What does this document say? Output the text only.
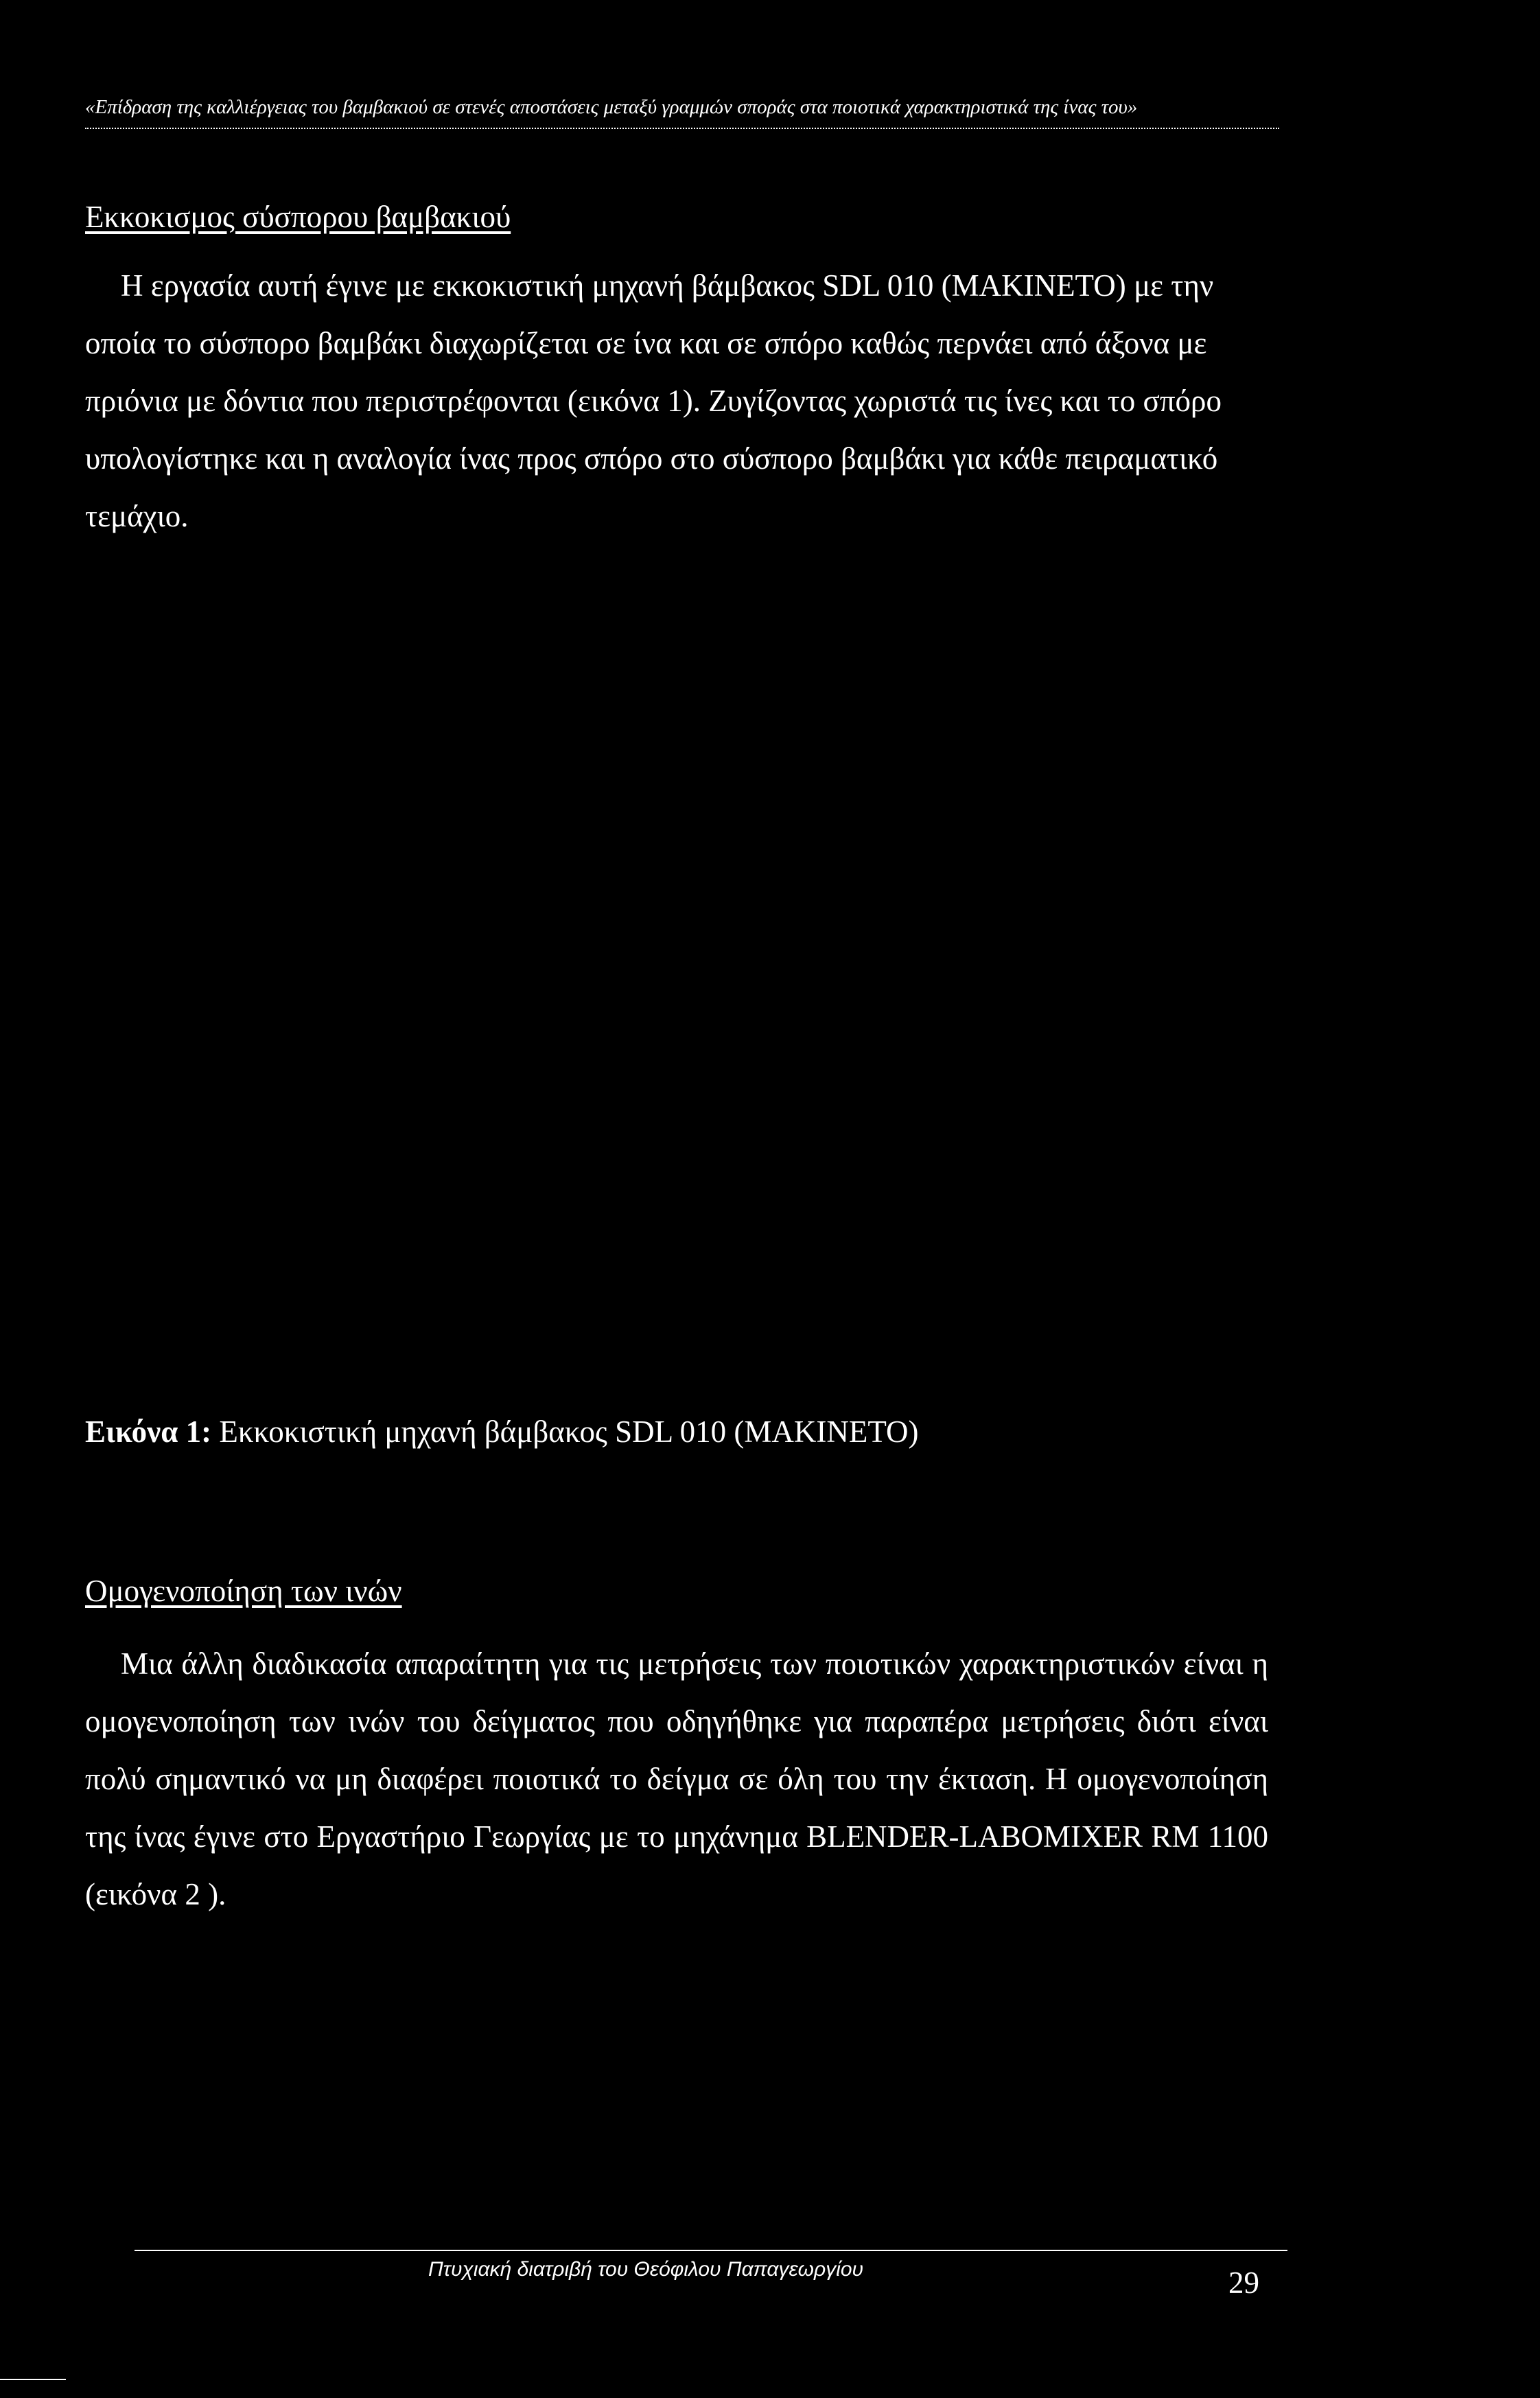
«Επίδραση της καλλιέργειας του βαμβακιού σε στενές αποστάσεις μεταξύ γραμμών σποράς στα ποιοτικά χαρακτηριστικά της ίνας του»
Εκκοκισμος σύσπορου βαμβακιού
Η εργασία αυτή έγινε με εκκοκιστική μηχανή βάμβακος SDL 010 (MAKINETO) με την οποία το σύσπορο βαμβάκι διαχωρίζεται σε ίνα και σε σπόρο καθώς περνάει από άξονα με πριόνια με δόντια που περιστρέφονται (εικόνα 1). Ζυγίζοντας χωριστά τις ίνες και το σπόρο υπολογίστηκε και η αναλογία ίνας προς σπόρο στο σύσπορο βαμβάκι για κάθε πειραματικό τεμάχιο.
Εικόνα 1: Εκκοκιστική μηχανή βάμβακος SDL 010 (MAKINETO)
Ομογενοποίηση των ινών
Μια άλλη διαδικασία απαραίτητη για τις μετρήσεις των ποιοτικών χαρακτηριστικών είναι η ομογενοποίηση των ινών του δείγματος που οδηγήθηκε για παραπέρα μετρήσεις διότι είναι πολύ σημαντικό να μη διαφέρει ποιοτικά το δείγμα σε όλη του την έκταση. Η ομογενοποίηση της ίνας έγινε στο Εργαστήριο Γεωργίας με το μηχάνημα BLENDER-LABOMIXER RM 1100 (εικόνα 2 ).
Πτυχιακή διατριβή του Θεόφιλου Παπαγεωργίου	29
